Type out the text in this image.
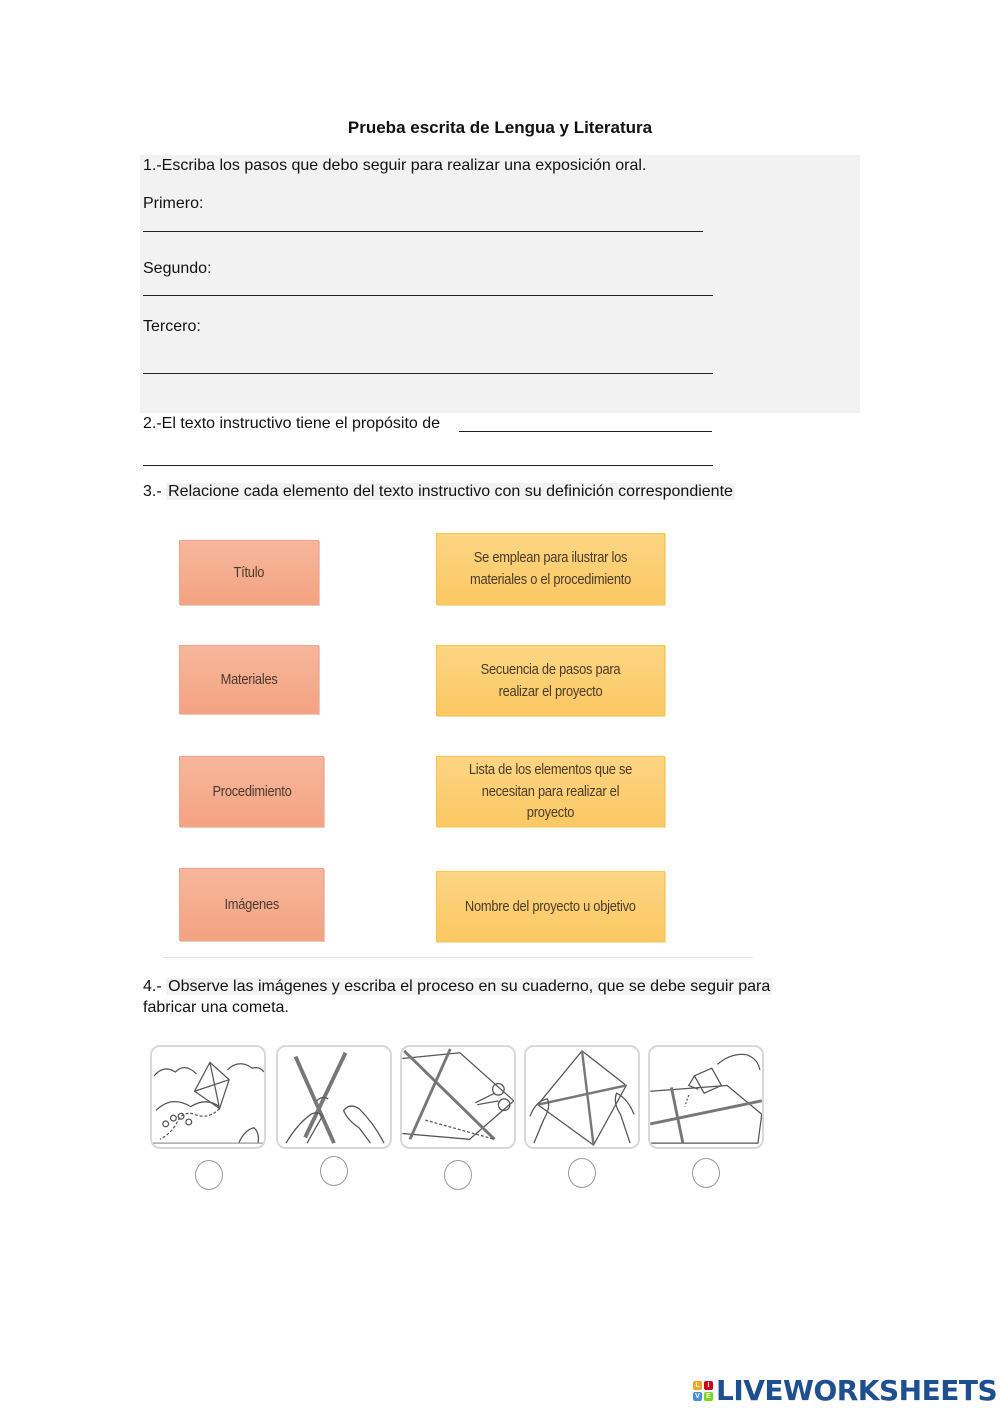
Prueba escrita de Lengua y Literatura
1.-Escriba los pasos que debo seguir para realizar una exposición oral.
Primero:
Segundo:
Tercero:
2.-El texto instructivo tiene el propósito de
3.- Relacione cada elemento del texto instructivo con su definición correspondiente
Título
Materiales
Procedimiento
Imágenes
Se emplean para ilustrar los materiales o el procedimiento
Secuencia de pasos para realizar el proyecto
Lista de los elementos que se necesitan para realizar el proyecto
Nombre del proyecto u objetivo
4.- Observe las imágenes y escriba el proceso en su cuaderno, que se debe seguir para
fabricar una cometa.
L	I
V E LIVEWORKSHEETS
